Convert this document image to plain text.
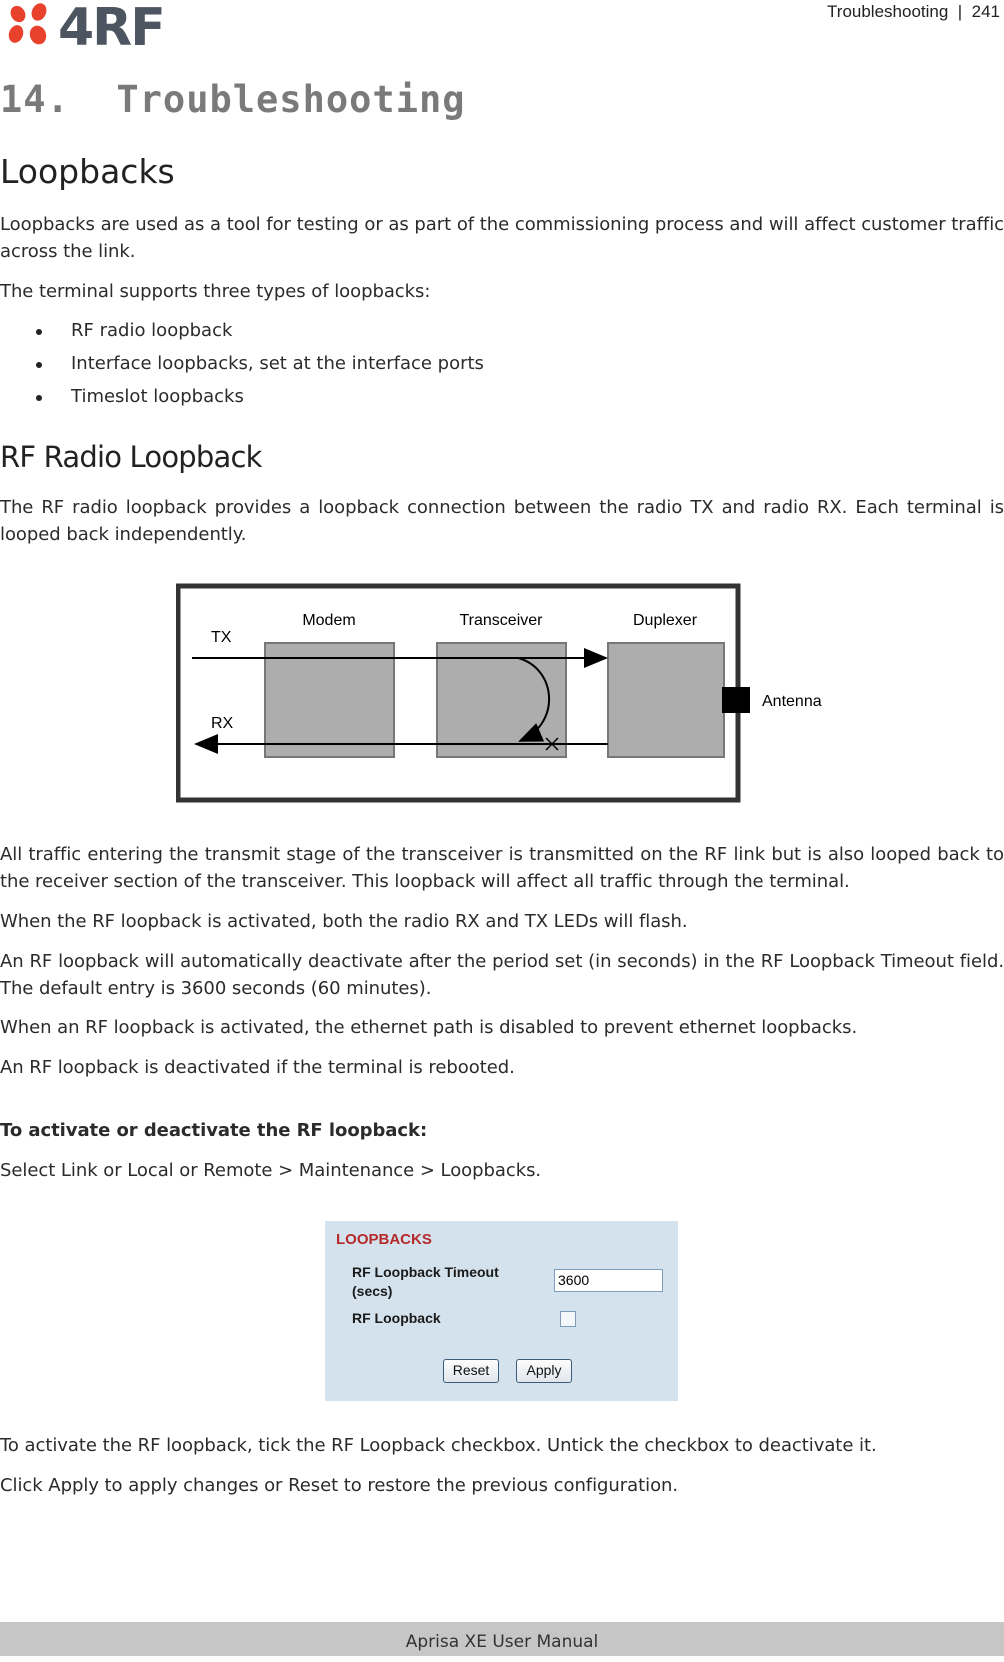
4RF	Troubleshooting  |  241
14.  Troubleshooting
Loopbacks
Loopbacks are used as a tool for testing or as part of the commissioning process and will affect customer traffic across the link.
The terminal supports three types of loopbacks:
RF radio loopback
Interface loopbacks, set at the interface ports
Timeslot loopbacks
RF Radio Loopback
The RF radio loopback provides a loopback connection between the radio TX and radio RX. Each terminal is looped back independently.
TX
RX
Modem	Transceiver	Duplexer
Antenna
All traffic entering the transmit stage of the transceiver is transmitted on the RF link but is also looped back to the receiver section of the transceiver. This loopback will affect all traffic through the terminal.
When the RF loopback is activated, both the radio RX and TX LEDs will flash.
An RF loopback will automatically deactivate after the period set (in seconds) in the RF Loopback Timeout field. The default entry is 3600 seconds (60 minutes).
When an RF loopback is activated, the ethernet path is disabled to prevent ethernet loopbacks.
An RF loopback is deactivated if the terminal is rebooted.
To activate or deactivate the RF loopback:
Select Link or Local or Remote > Maintenance > Loopbacks.
LOOPBACKS
RF Loopback Timeout
(secs)
3600
RF Loopback
Reset	Apply
To activate the RF loopback, tick the RF Loopback checkbox. Untick the checkbox to deactivate it.
Click Apply to apply changes or Reset to restore the previous configuration.
Aprisa XE User Manual
